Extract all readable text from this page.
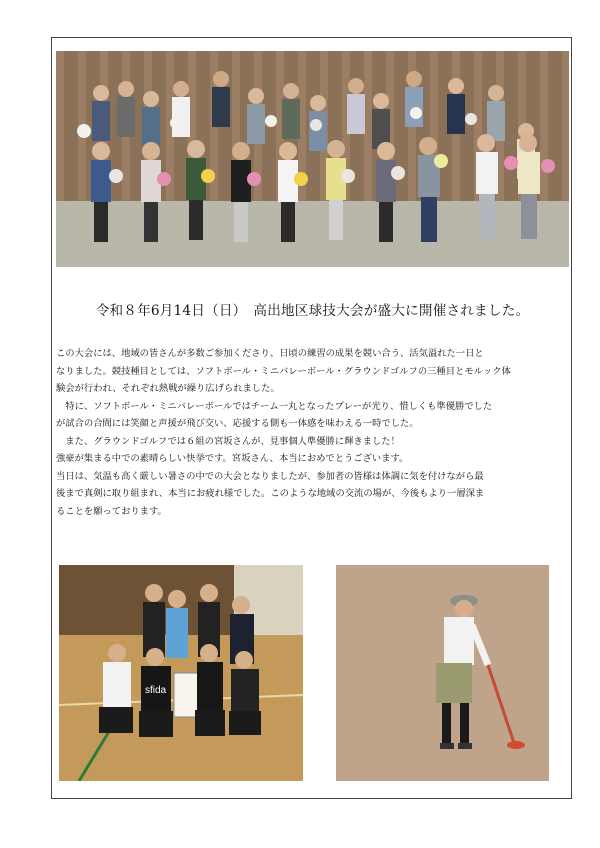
令和８年6月14日（日）　高出地区球技大会が盛大に開催されました。

この大会には、地域の皆さんが多数ご参加くださり、日頃の練習の成果を競い合う、活気溢れた一日と

なりました。競技種目としては、ソフトボール・ミニバレーボール・グラウンドゴルフの三種目とモルック体

験会が行われ、それぞれ熱戦が繰り広げられました。

　特に、ソフトボール・ミニバレーボールではチーム一丸となったプレーが光り、惜しくも準優勝でした

が試合の合間には笑顔と声援が飛び交い、応援する側も一体感を味わえる一時でした。

　また、グラウンドゴルフでは６組の宮坂さんが、見事個人準優勝に輝きました！

強豪が集まる中での素晴らしい快挙です。宮坂さん、本当におめでとうございます。

当日は、気温も高く厳しい暑さの中での大会となりましたが、参加者の皆様は体調に気を付けながら最

後まで真剣に取り組まれ、本当にお疲れ様でした。このような地域の交流の場が、今後もより一層深ま

ることを願っております。

sfida
